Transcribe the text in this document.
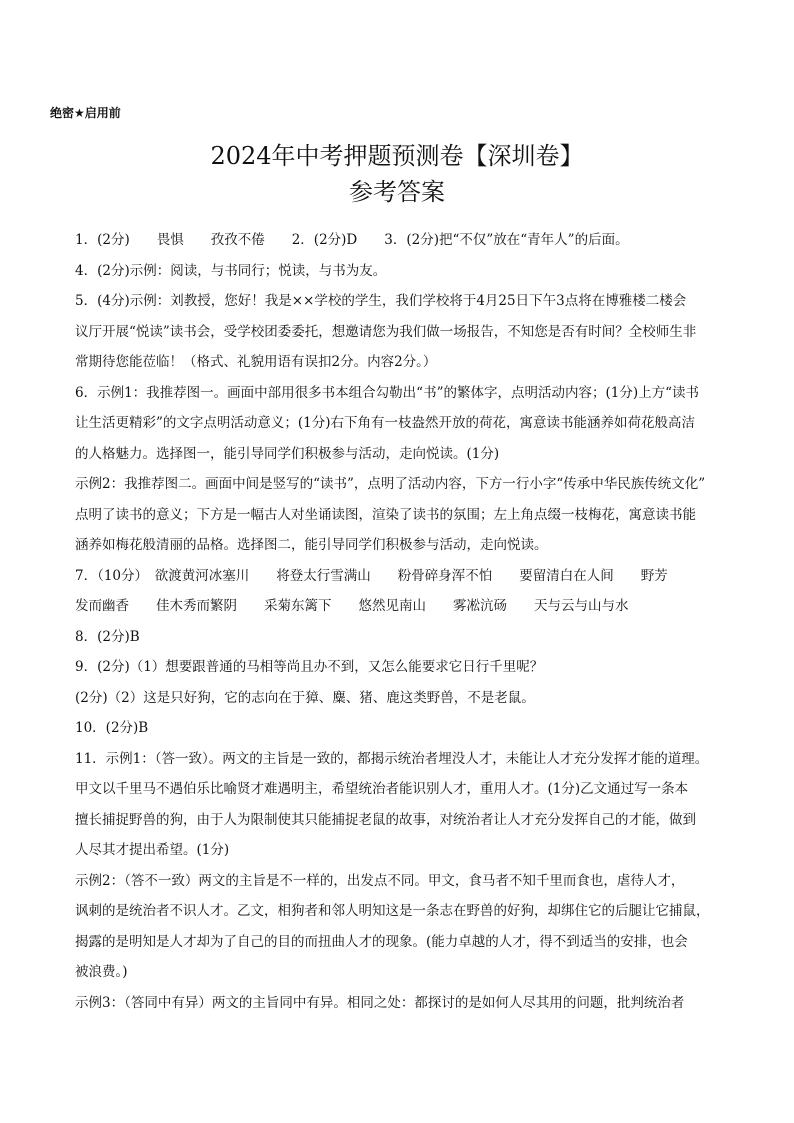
绝密★启用前
2024年中考押题预测卷【深圳卷】
参考答案
1．(2分)　　畏惧　　孜孜不倦　　2．(2分)D　　3．(2分)把“不仅”放在“青年人”的后面。
4．(2分)示例：阅读，与书同行；悦读，与书为友。
5．(4分)示例：刘教授，您好！我是××学校的学生，我们学校将于4月25日下午3点将在博雅楼二楼会
议厅开展“悦读”读书会，受学校团委委托，想邀请您为我们做一场报告，不知您是否有时间？全校师生非
常期待您能莅临！（格式、礼貌用语有误扣2分。内容2分。）
6．示例1：我推荐图一。画面中部用很多书本组合勾勒出“书”的繁体字，点明活动内容；(1分)上方“读书
让生活更精彩”的文字点明活动意义；(1分)右下角有一枝盎然开放的荷花，寓意读书能涵养如荷花般高洁
的人格魅力。选择图一，能引导同学们积极参与活动，走向悦读。(1分)
示例2：我推荐图二。画面中间是竖写的“读书”，点明了活动内容，下方一行小字“传承中华民族传统文化”
点明了读书的意义；下方是一幅古人对坐诵读图，渲染了读书的氛围；左上角点缀一枝梅花，寓意读书能
涵养如梅花般清丽的品格。选择图二，能引导同学们积极参与活动，走向悦读。
7．（10分）　欲渡黄河冰塞川　　将登太行雪满山　　粉骨碎身浑不怕　　要留清白在人间　　野芳
发而幽香　　佳木秀而繁阴　　采菊东篱下　　悠然见南山　　雾凇沆砀　　天与云与山与水
8．(2分)B
9．(2分)（1）想要跟普通的马相等尚且办不到，又怎么能要求它日行千里呢？
(2分)（2）这是只好狗，它的志向在于獐、麋、猪、鹿这类野兽，不是老鼠。
10．(2分)B
11．示例1：（答一致）。两文的主旨是一致的，都揭示统治者埋没人才，未能让人才充分发挥才能的道理。
甲文以千里马不遇伯乐比喻贤才难遇明主，希望统治者能识别人才，重用人才。(1分)乙文通过写一条本
擅长捕捉野兽的狗，由于人为限制使其只能捕捉老鼠的故事，对统治者让人才充分发挥自己的才能，做到
人尽其才提出希望。(1分)
示例2：（答不一致）两文的主旨是不一样的，出发点不同。甲文，食马者不知千里而食也，虐待人才，
讽刺的是统治者不识人才。乙文，相狗者和邻人明知这是一条志在野兽的好狗，却绑住它的后腿让它捕鼠，
揭露的是明知是人才却为了自己的目的而扭曲人才的现象。(能力卓越的人才，得不到适当的安排，也会
被浪费。)
示例3：（答同中有异）两文的主旨同中有异。相同之处：都探讨的是如何人尽其用的问题，批判统治者
